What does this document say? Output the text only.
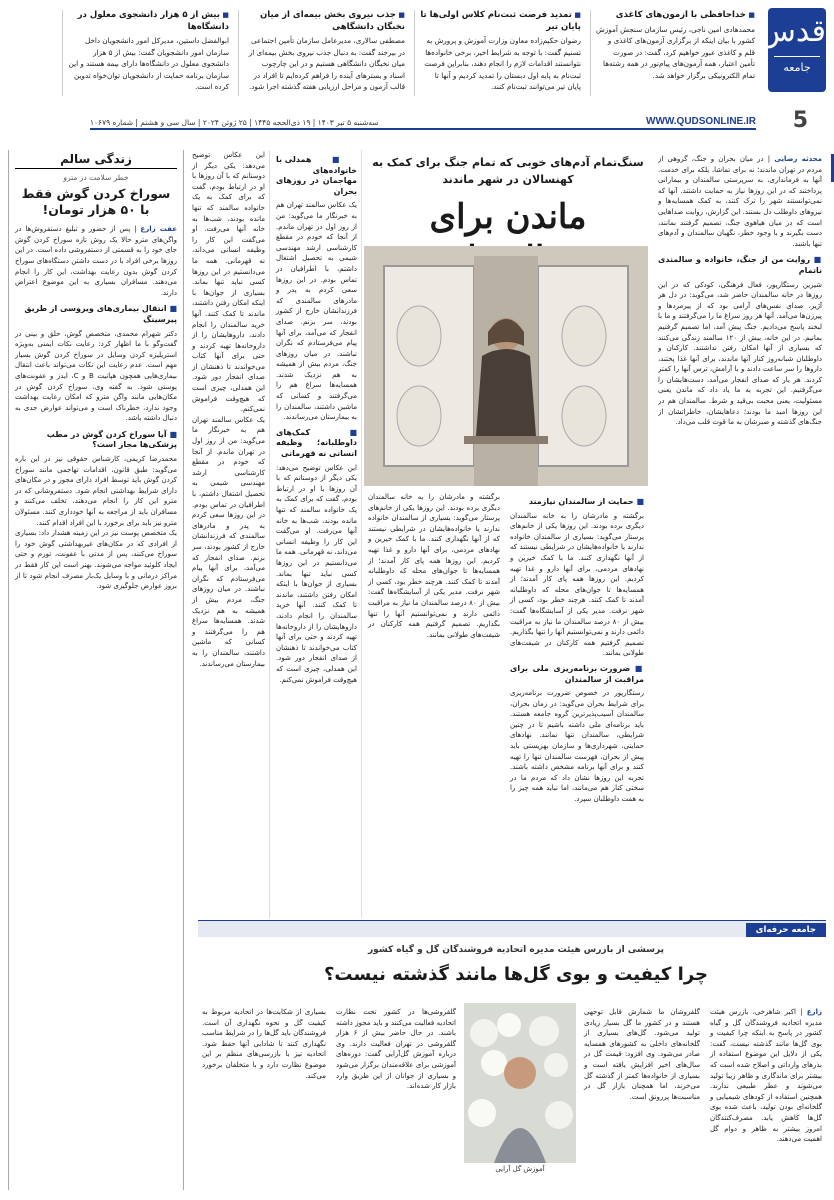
قدس
جامعه
■ خداحافظی با آزمون‌های کاغذی

محمدهادی امین ناجی، رئیس سازمان سنجش آموزش کشور با بیان اینکه از برگزاری آزمون‌های کاغذی و قلم و کاغذی عبور خواهیم کرد، گفت: در صورت تأمین اعتبار، همه آزمون‌های پیام‌نور در همه رشته‌ها تمام الکترونیکی برگزار خواهد شد.

■ تمدید فرصت ثبت‌نام کلاس اولی‌ها تا پایان تیر

رضوان حکیم‌زاده معاون وزارت آموزش و پرورش به تسنیم گفت: با توجه به شرایط اخیر، برخی خانواده‌ها نتوانستند اقدامات لازم را انجام دهند، بنابراین فرصت ثبت‌نام به پایه اول دبستان را تمدید کردیم و آنها تا پایان تیر می‌توانند ثبت‌نام کنند.

■ جذب نیروی بخش بیمه‌ای از میان نخبگان دانشگاهی

مصطفی سالاری، مدیرعامل سازمان تأمین اجتماعی در بیرجند گفت: به دنبال جذب نیروی بخش بیمه‌ای از میان نخبگان دانشگاهی هستیم و در این چارچوب اسناد و بسترهای آینده را فراهم کرده‌ایم تا افراد در قالب آزمون و مراحل ارزیابی هفته گذشته اجرا شود.

■ بیش از ۵ هزار دانشجوی معلول در دانشگاه‌ها

ابوالفضل داستین، مدیرکل امور دانشجویان داخل سازمان امور دانشجویان گفت: بیش از ۵ هزار دانشجوی معلول در دانشگاه‌ها دارای بیمه هستند و این سازمان برنامه حمایت از دانشجویان توان‌خواه تدوین کرده است.

5
WWW.QUDSONLINE.IR
سه‌شنبه ۵ تیر ۱۴۰۳ | ۱۹ ذی‌الحجه ۱۴۴۵ | ۲۵ ژوئن ۲۰۲۴ | سال سی و هشتم | شماره ۱۰۶۷۹

محدثه رضایی | در میان بحران و جنگ، گروهی از مردم در تهران ماندند؛ نه برای تماشا، بلکه برای خدمت. آنها به فرمانداری، به سرپرستی سالمندان و بیمارانی پرداختند که در این روزها نیاز به حمایت داشتند. آنها که نمی‌توانستند شهر را ترک کنند، به کمک همسایه‌ها و نیروهای داوطلب دل بستند. این گزارش، روایت صداهایی است که در میان هیاهوی جنگ، تصمیم گرفتند بمانند، دست بگیرند و با وجود خطر، نگهبان سالمندان و آدم‌های تنها باشند.

■ روایت من از جنگ، خانواده و سالمندی ناتمام

شیرین رستگارپور، فعال فرهنگی، کودکی که در این روزها در خانه سالمندان حاضر شد، می‌گوید: در دل هر آژیر، صدای نفس‌های آرامی بود که از پیرمردها و پیرزن‌ها می‌آمد. آنها هر روز سراغ ما را می‌گرفتند و ما با لبخند پاسخ می‌دادیم. جنگ پیش آمد، اما تصمیم گرفتیم بمانیم. در این خانه، بیش از ۱۲۰ سالمند زندگی می‌کنند که بسیاری از آنها امکان رفتن نداشتند. کارکنان و داوطلبان شبانه‌روز کنار آنها ماندند، برای آنها غذا پختند، داروها را سر ساعت دادند و با آرامش، ترس آنها را کمتر کردند. هر بار که صدای انفجار می‌آمد، دست‌هایشان را می‌گرفتیم. این تجربه به ما یاد داد که ماندن یعنی مسئولیت، یعنی محبت بی‌قید و شرط. سالمندان هم در این روزها امید ما بودند؛ دعاهایشان، خاطراتشان از جنگ‌های گذشته و صبرشان به ما قوت قلب می‌داد.

سنگ‌تمام آدم‌های خوبی که تمام جنگ برای کمک به کهنسالان در شهر ماندند
ماندن برای
■ حمایت از سالمندان نیازمند

برگشته و مادرشان را به خانه سالمندان دیگری برده بودند. این روزها یکی از خانم‌های پرستار می‌گوید: بسیاری از سالمندان خانواده ندارند یا خانواده‌هایشان در شرایطی نیستند که از آنها نگهداری کنند. ما با کمک خیرین و نهادهای مردمی، برای آنها دارو و غذا تهیه کردیم. این روزها همه پای کار آمدند؛ از همسایه‌ها تا جوان‌های محله که داوطلبانه آمدند تا کمک کنند. هرچند خطر بود، کسی از شهر نرفت. مدیر یکی از آسایشگاه‌ها گفت: بیش از ۸۰ درصد سالمندان ما نیاز به مراقبت دائمی دارند و نمی‌توانستیم آنها را تنها بگذاریم. تصمیم گرفتیم همه کارکنان در شیفت‌های طولانی بمانند.

■ ضرورت برنامه‌ریزی ملی برای مراقبت از سالمندان

رستگارپور در خصوص ضرورت برنامه‌ریزی برای شرایط بحران می‌گوید: در زمان بحران، سالمندان آسیب‌پذیرترین گروه جامعه هستند. باید برنامه‌ای ملی داشته باشیم تا در چنین شرایطی، سالمندان تنها نمانند. نهادهای حمایتی، شهرداری‌ها و سازمان بهزیستی باید پیش از بحران، فهرست سالمندان تنها را تهیه کنند و برای آنها برنامه مشخص داشته باشند. تجربه این روزها نشان داد که مردم ما در سختی کنار هم می‌مانند، اما نباید همه چیز را به همت داوطلبان سپرد.

برگشته و مادرشان را به خانه سالمندان دیگری برده بودند. این روزها یکی از خانم‌های پرستار می‌گوید: بسیاری از سالمندان خانواده ندارند یا خانواده‌هایشان در شرایطی نیستند که از آنها نگهداری کنند. ما با کمک خیرین و نهادهای مردمی، برای آنها دارو و غذا تهیه کردیم. این روزها همه پای کار آمدند؛ از همسایه‌ها تا جوان‌های محله که داوطلبانه آمدند تا کمک کنند. هرچند خطر بود، کسی از شهر نرفت. مدیر یکی از آسایشگاه‌ها گفت: بیش از ۸۰ درصد سالمندان ما نیاز به مراقبت دائمی دارند و نمی‌توانستیم آنها را تنها بگذاریم. تصمیم گرفتیم همه کارکنان در شیفت‌های طولانی بمانند.

■ همدلی با خانواده‌های مهاجمان در روزهای بحران

یک عکاس سالمند تهران هم به خبرنگار ما می‌گوید: من از روز اول در تهران ماندم. از آنجا که خودم در مقطع کارشناسی ارشد مهندسی شیمی به تحصیل اشتغال داشتم، با اطرافیان در تماس بودم. در این روزها سعی کردم به پدر و مادرهای سالمندی که فرزندانشان خارج از کشور بودند، سر بزنم. صدای انفجار که می‌آمد، برای آنها پیام می‌فرستادم که نگران نباشند. در میان روزهای جنگ، مردم بیش از همیشه به هم نزدیک شدند. همسایه‌ها سراغ هم را می‌گرفتند و کسانی که ماشین داشتند، سالمندان را به بیمارستان می‌رساندند.

■ کمک‌های داوطلبانه؛ وظیفه انسانی نه قهرمانی

این عکاس توضیح می‌دهد: یکی دیگر از دوستانم که با آن روزها با او در ارتباط بودم، گفت که برای کمک به یک خانواده سالمند که تنها مانده بودند، شب‌ها به خانه آنها می‌رفت. او می‌گفت این کار را وظیفه انسانی می‌داند، نه قهرمانی. همه ما می‌دانستیم در این روزها کسی نباید تنها بماند. بسیاری از جوان‌ها با اینکه امکان رفتن داشتند، ماندند تا کمک کنند. آنها خرید سالمندان را انجام دادند، داروهایشان را از داروخانه‌ها تهیه کردند و حتی برای آنها کتاب می‌خواندند تا ذهنشان از صدای انفجار دور شود. این همدلی، چیزی است که هیچ‌وقت فراموش نمی‌کنم.

این عکاس توضیح می‌دهد: یکی دیگر از دوستانم که با آن روزها با او در ارتباط بودم، گفت که برای کمک به یک خانواده سالمند که تنها مانده بودند، شب‌ها به خانه آنها می‌رفت. او می‌گفت این کار را وظیفه انسانی می‌داند، نه قهرمانی. همه ما می‌دانستیم در این روزها کسی نباید تنها بماند. بسیاری از جوان‌ها با اینکه امکان رفتن داشتند، ماندند تا کمک کنند. آنها خرید سالمندان را انجام دادند، داروهایشان را از داروخانه‌ها تهیه کردند و حتی برای آنها کتاب می‌خواندند تا ذهنشان از صدای انفجار دور شود. این همدلی، چیزی است که هیچ‌وقت فراموش نمی‌کنم.

یک عکاس سالمند تهران هم به خبرنگار ما می‌گوید: من از روز اول در تهران ماندم. از آنجا که خودم در مقطع کارشناسی ارشد مهندسی شیمی به تحصیل اشتغال داشتم، با اطرافیان در تماس بودم. در این روزها سعی کردم به پدر و مادرهای سالمندی که فرزندانشان خارج از کشور بودند، سر بزنم. صدای انفجار که می‌آمد، برای آنها پیام می‌فرستادم که نگران نباشند. در میان روزهای جنگ، مردم بیش از همیشه به هم نزدیک شدند. همسایه‌ها سراغ هم را می‌گرفتند و کسانی که ماشین داشتند، سالمندان را به بیمارستان می‌رساندند.

زندگی سالم
خطر سلامت در مترو
سوراخ کردن گوش فقط با ۵۰ هزار تومان!

عفت زارع | پس از حضور و تبلیغ دستفروش‌ها در واگن‌های مترو حالا یک روش تازه سوراخ کردن گوش جای خود را به قسمتی از دستفروشی داده است. در این روزها برخی افراد با در دست داشتن دستگاه‌های سوراخ کردن گوش بدون رعایت بهداشت، این کار را انجام می‌دهند. مسافران بسیاری به این موضوع اعتراض دارند.

■ انتقال بیماری‌های ویروسی از طریق پیرسینگ

دکتر شهرام محمدی، متخصص گوش، حلق و بینی در گفت‌وگو با ما اظهار کرد: رعایت نکات ایمنی به‌ویژه استریلیزه کردن وسایل در سوراخ کردن گوش بسیار مهم است. عدم رعایت این نکات می‌تواند باعث انتقال بیماری‌هایی همچون هپاتیت B و C، ایدز و عفونت‌های پوستی شود. به گفته وی، سوراخ کردن گوش در مکان‌هایی مانند واگن مترو که امکان رعایت بهداشت وجود ندارد، خطرناک است و می‌تواند عوارض جدی به دنبال داشته باشد.

■ آیا سوراخ کردن گوش در مطب پزشکی‌ها مجاز است؟

محمدرضا کریمی، کارشناس حقوقی نیز در این باره می‌گوید: طبق قانون، اقدامات تهاجمی مانند سوراخ کردن گوش باید توسط افراد دارای مجوز و در مکان‌های دارای شرایط بهداشتی انجام شود. دستفروشانی که در مترو این کار را انجام می‌دهند، تخلف می‌کنند و مسافران باید از مراجعه به آنها خودداری کنند. مسئولان مترو نیز باید برای برخورد با این افراد اقدام کنند.

یک متخصص پوست نیز در این زمینه هشدار داد: بسیاری از افرادی که در مکان‌های غیربهداشتی گوش خود را سوراخ می‌کنند، پس از مدتی با عفونت، تورم و حتی ایجاد کلوئید مواجه می‌شوند. بهتر است این کار فقط در مراکز درمانی و با وسایل یک‌بار مصرف انجام شود تا از بروز عوارض جلوگیری شود.

جامعه حرفه‌ای
پرسشی از بازرس هیئت مدیره اتحادیه فروشندگان گل و گیاه کشور
چرا کیفیت و بوی گل‌ها مانند گذشته نیست؟

زارع | اکبر شاهرخی، بازرس هیئت مدیره اتحادیه فروشندگان گل و گیاه کشور در پاسخ به اینکه چرا کیفیت و بوی گل‌ها مانند گذشته نیست، گفت: یکی از دلایل این موضوع استفاده از بذرهای وارداتی و اصلاح شده است که بیشتر برای ماندگاری و ظاهر زیبا تولید می‌شوند و عطر طبیعی ندارند. همچنین استفاده از کودهای شیمیایی و گلخانه‌ای بودن تولید، باعث شده بوی گل‌ها کاهش یابد. مصرف‌کنندگان امروز بیشتر به ظاهر و دوام گل اهمیت می‌دهند.

گلفروشان ما شمارش قابل توجهی هستند و در کشور ما گل بسیار زیادی تولید می‌شود. گل‌های بسیاری از گلخانه‌های داخلی به کشورهای همسایه صادر می‌شود. وی افزود: قیمت گل در سال‌های اخیر افزایش یافته است و بسیاری از خانواده‌ها کمتر از گذشته گل می‌خرند، اما همچنان بازار گل در مناسبت‌ها پررونق است.

آموزش گل آرایی

گلفروشی‌ها در کشور تحت نظارت اتحادیه فعالیت می‌کنند و باید مجوز داشته باشند. در حال حاضر بیش از ۶ هزار گلفروشی در تهران فعالیت دارند. وی درباره آموزش گل‌آرایی گفت: دوره‌های آموزشی برای علاقه‌مندان برگزار می‌شود و بسیاری از جوانان از این طریق وارد بازار کار شده‌اند.

بسیاری از شکایت‌ها در اتحادیه مربوط به کیفیت گل و نحوه نگهداری آن است. فروشندگان باید گل‌ها را در شرایط مناسب نگهداری کنند تا شادابی آنها حفظ شود. اتحادیه نیز با بازرسی‌های منظم بر این موضوع نظارت دارد و با متخلفان برخورد می‌کند.
